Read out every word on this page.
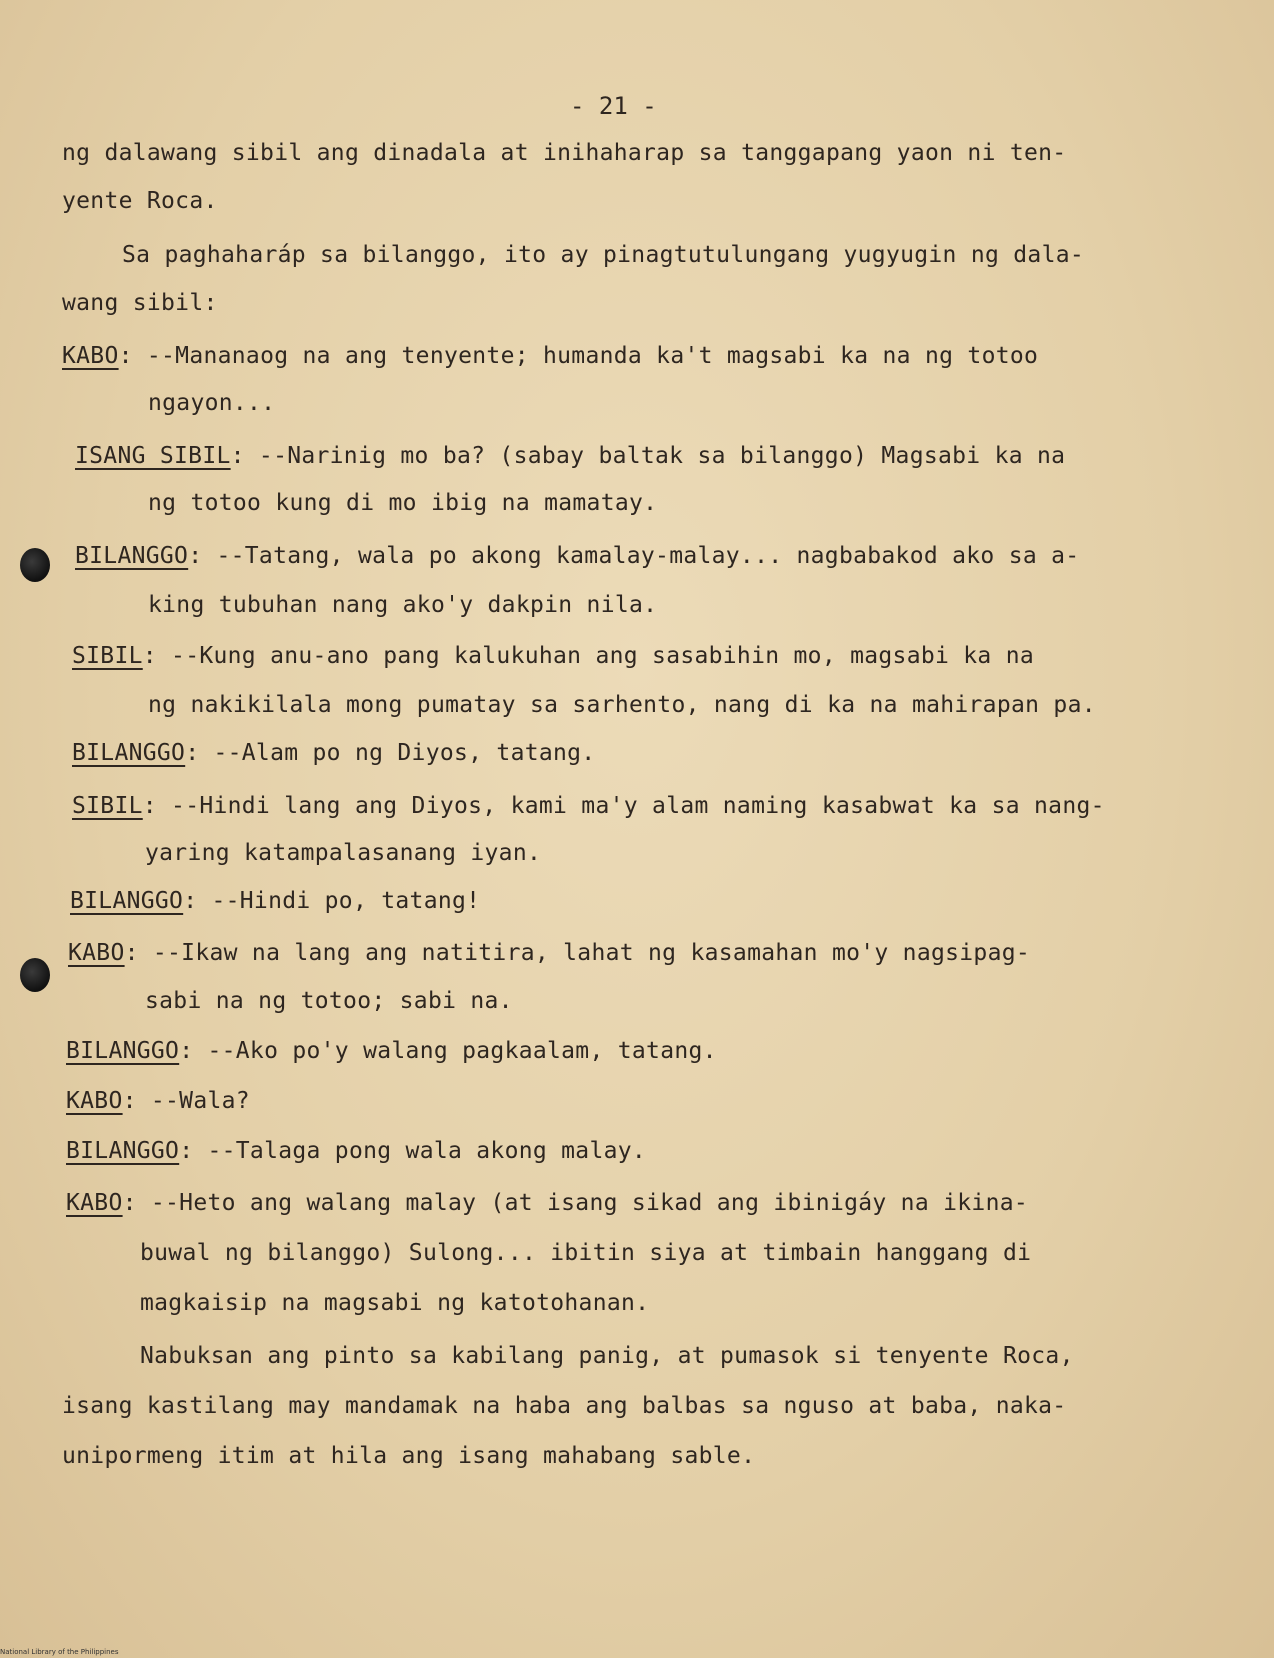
- 21 -
ng dalawang sibil ang dinadala at inihaharap sa tanggapang yaon ni ten-
yente Roca.
Sa paghaharáp sa bilanggo, ito ay pinagtutulungang yugyugin ng dala-
wang sibil:
KABO: --Mananaog na ang tenyente; humanda ka't magsabi ka na ng totoo
ngayon...
ISANG SIBIL: --Narinig mo ba? (sabay baltak sa bilanggo) Magsabi ka na
ng totoo kung di mo ibig na mamatay.
BILANGGO: --Tatang, wala po akong kamalay-malay... nagbabakod ako sa a-
king tubuhan nang ako'y dakpin nila.
SIBIL: --Kung anu-ano pang kalukuhan ang sasabihin mo, magsabi ka na
ng nakikilala mong pumatay sa sarhento, nang di ka na mahirapan pa.
BILANGGO: --Alam po ng Diyos, tatang.
SIBIL: --Hindi lang ang Diyos, kami ma'y alam naming kasabwat ka sa nang-
yaring katampalasanang iyan.
BILANGGO: --Hindi po, tatang!
KABO: --Ikaw na lang ang natitira, lahat ng kasamahan mo'y nagsipag-
sabi na ng totoo; sabi na.
BILANGGO: --Ako po'y walang pagkaalam, tatang.
KABO: --Wala?
BILANGGO: --Talaga pong wala akong malay.
KABO: --Heto ang walang malay (at isang sikad ang ibinigáy na ikina-
buwal ng bilanggo) Sulong... ibitin siya at timbain hanggang di
magkaisip na magsabi ng katotohanan.
Nabuksan ang pinto sa kabilang panig, at pumasok si tenyente Roca,
isang kastilang may mandamak na haba ang balbas sa nguso at baba, naka-
unipormeng itim at hila ang isang mahabang sable.
National Library of the Philippines
